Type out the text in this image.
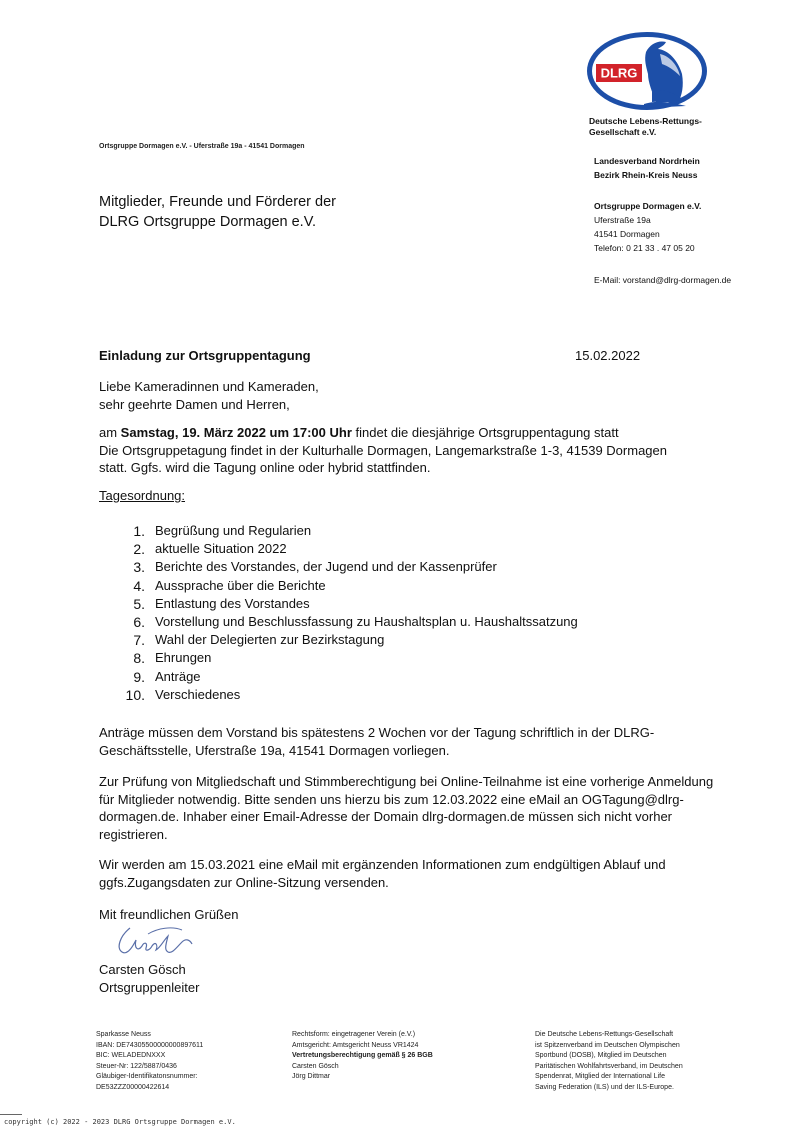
Ortsgruppe Dormagen e.V. - Uferstraße 19a - 41541 Dormagen
Mitglieder, Freunde und Förderer der
DLRG Ortsgruppe Dormagen e.V.
DLRG
Deutsche Lebens-Rettungs-
Gesellschaft e.V.
Landesverband Nordrhein
Bezirk Rhein-Kreis Neuss
Ortsgruppe Dormagen e.V.
Uferstraße 19a
41541 Dormagen
Telefon: 0 21 33 . 47 05 20
E-Mail: vorstand@dlrg-dormagen.de
Einladung zur Ortsgruppentagung	15.02.2022
Liebe Kameradinnen und Kameraden,
sehr geehrte Damen und Herren,
am Samstag, 19. März 2022 um 17:00 Uhr findet die diesjährige Ortsgruppentagung statt
Die Ortsgruppetagung findet in der Kulturhalle Dormagen, Langemarkstraße 1-3, 41539 Dormagen
statt. Ggfs. wird die Tagung online oder hybrid stattfinden.
Tagesordnung:
1. Begrüßung und Regularien
2. aktuelle Situation 2022
3. Berichte des Vorstandes, der Jugend und der Kassenprüfer
4. Aussprache über die Berichte
5. Entlastung des Vorstandes
6. Vorstellung und Beschlussfassung zu Haushaltsplan u. Haushaltssatzung
7. Wahl der Delegierten zur Bezirkstagung
8. Ehrungen
9. Anträge
10. Verschiedenes
Anträge müssen dem Vorstand bis spätestens 2 Wochen vor der Tagung schriftlich in der DLRG-
Geschäftsstelle, Uferstraße 19a, 41541 Dormagen vorliegen.
Zur Prüfung von Mitgliedschaft und Stimmberechtigung bei Online-Teilnahme ist eine vorherige Anmeldung
für Mitglieder notwendig. Bitte senden uns hierzu bis zum 12.03.2022 eine eMail an OGTagung@dlrg-
dormagen.de. Inhaber einer Email-Adresse der Domain dlrg-dormagen.de müssen sich nicht vorher
registrieren.
Wir werden am 15.03.2021 eine eMail mit ergänzenden Informationen zum endgültigen Ablauf und
ggfs.Zugangsdaten zur Online-Sitzung versenden.
Mit freundlichen Grüßen
Carsten Gösch
Ortsgruppenleiter
Sparkasse Neuss
IBAN: DE74305500000000897611
BIC: WELADEDNXXX
Steuer-Nr: 122/5887/0436
Gläubiger-Identifikatonsnummer:
DE53ZZZ00000422614
Rechtsform: eingetragener Verein (e.V.)
Amtsgericht: Amtsgericht Neuss VR1424
Vertretungsberechtigung gemäß § 26 BGB
Carsten Gösch
Jörg Dittmar
Die Deutsche Lebens-Rettungs-Gesellschaft
ist Spitzenverband im Deutschen Olympischen
Sportbund (DOSB), Mitglied im Deutschen
Paritätischen Wohlfahrtsverband, im Deutschen
Spendenrat, Mitglied der International Life
Saving Federation (ILS) und der ILS-Europe.
copyright (c) 2022 - 2023 DLRG Ortsgruppe Dormagen e.V.
